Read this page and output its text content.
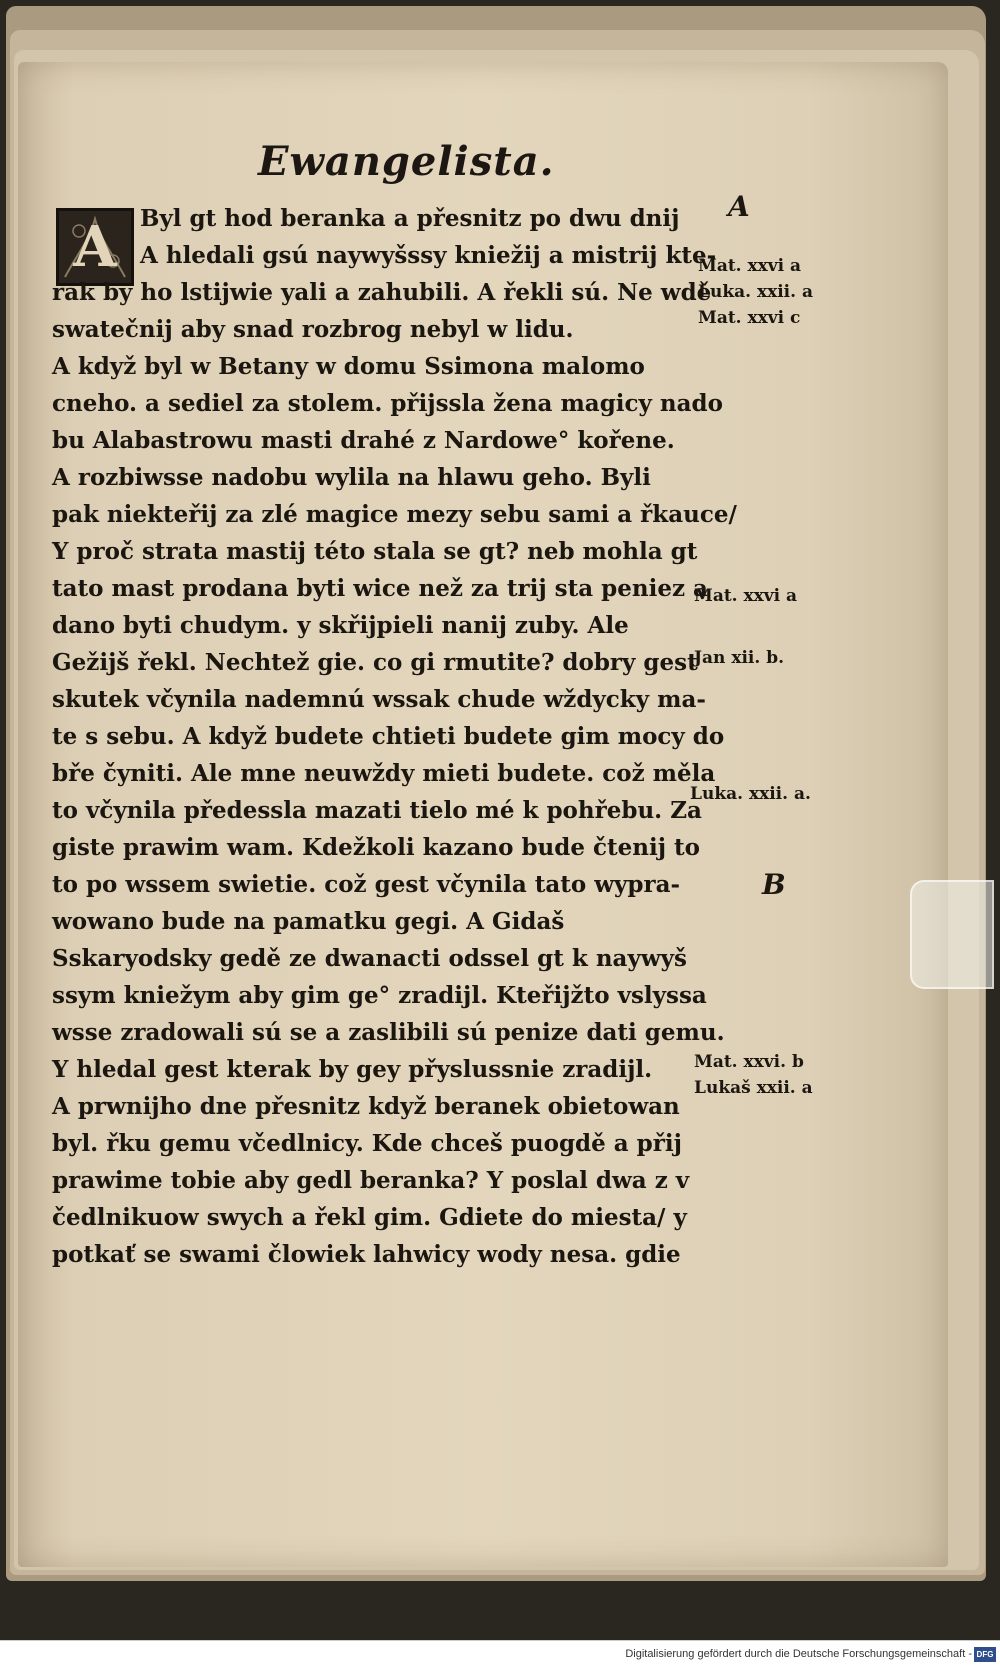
Ewangelista.
A	Byl gt hod beranka a přesnitz po dwu dnij
A hledali gsú naywyšssy kniežij a mistrij kte-
rak by ho lstijwie yali a zahubili. A řekli sú. Ne wdě
swatečnij aby snad rozbrog nebyl w lidu.
A když byl w Betany w domu Ssimona malomo
cneho. a sediel za stolem. přijssla žena magicy nado
bu Alabastrowu masti drahé z Nardowe° kořene.
A rozbiwsse nadobu wylila na hlawu geho. Byli
pak niekteřij za zlé magice mezy sebu sami a řkauce/
Y proč strata mastij této stala se gt? neb mohla gt
tato mast prodana byti wice než za trij sta peniez a
dano byti chudym. y skřijpieli nanij zuby. Ale
Gežijš řekl. Nechtež gie. co gi rmutite? dobry gest
skutek včynila nademnú wssak chude wždycky ma-
te s sebu. A když budete chtieti budete gim mocy do
bře čyniti. Ale mne neuwždy mieti budete. což měla
to včynila předessla mazati tielo mé k pohřebu. Za
giste prawim wam. Kdežkoli kazano bude čtenij to
to po wssem swietie. což gest včynila tato wypra-
wowano bude na pamatku gegi. A Gidaš
Sskaryodsky gedě ze dwanacti odssel gt k naywyš
ssym kniežym aby gim ge° zradijl. Kteřijžto vslyssa
wsse zradowali sú se a zaslibili sú penize dati gemu.
Y hledal gest kterak by gey přyslussnie zradijl.
A prwnijho dne přesnitz když beranek obietowan
byl. řku gemu včedlnicy. Kde chceš puogdě a přij
prawime tobie aby gedl beranka? Y poslal dwa z v
čedlnikuow swych a řekl gim. Gdiete do miesta/ y
potkať se swami člowiek lahwicy wody nesa. gdie
A
Mat. xxvi a
Luka. xxii. a
Mat. xxvi c
Mat. xxvi a
Jan xii. b.
Luka. xxii. a.
B
Mat. xxvi. b
Lukaš xxii. a
Digitalisierung gefördert durch die Deutsche Forschungsgemeinschaft - DFG
